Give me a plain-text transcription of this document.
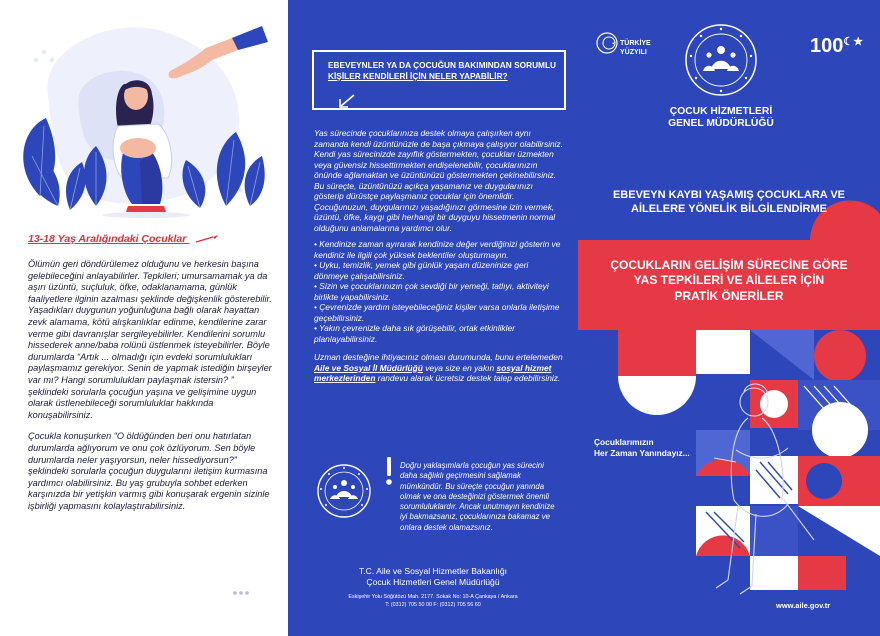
13-18 Yaş Aralığındaki Çocuklar

Ölümün geri döndürülemez olduğunu ve herkesin başına gelebileceğini anlayabilirler. Tepkileri; umursamamak ya da aşırı üzüntü, suçluluk, öfke, odaklanamama, günlük faaliyetlere ilginin azalması şeklinde değişkenlik gösterebilir. Yaşadıkları duygunun yoğunluğuna bağlı olarak hayattan zevk alamama, kötü alışkanlıklar edinme, kendilerine zarar verme gibi davranışlar sergileyebilirler. Kendilerini sorumlu hissederek anne/baba rolünü üstlenmek isteyebilirler. Böyle durumlarda “Artık ... olmadığı için evdeki sorumlulukları paylaşmamız gerekiyor. Senin de yapmak istediğin birşeyler var mı? Hangi sorumlulukları paylaşmak istersin? ” şeklindeki sorularla çocuğun yaşına ve gelişimine uygun olarak üstlenebileceği sorumluluklar hakkında konuşabilirsiniz.

Çocukla konuşurken “O öldüğünden beri onu hatırlatan durumlarda ağlıyorum ve onu çok özlüyorum. Sen böyle durumlarda neler yaşıyorsun, neler hissediyorsun?” şeklindeki sorularla çocuğun duygularını iletişim kurmasına yardımcı olabilirsiniz. Bu yaş grubuyla sohbet ederken karşınızda bir yetişkin varmış gibi konuşarak ergenin sizinle işbirliği yapmasını kolaylaştırabilirsiniz.

EBEVEYNLER YA DA ÇOCUĞUN BAKIMINDAN SORUMLU
KİŞİLER KENDİLERİ İÇİN NELER YAPABİLİR?

Yas sürecinde çocuklarınıza destek olmaya çalışırken aynı zamanda kendi üzüntünüzle de başa çıkmaya çalışıyor olabilirsiniz. Kendi yas sürecinizde zayıflık göstermekten, çocukları üzmekten veya güvensiz hissettirmekten endişelenebilir, çocuklarınızın önünde ağlamaktan ve üzüntünüzü göstermekten çekinebilirsiniz. Bu süreçte, üzüntünüzü açıkça yaşamanız ve duygularınızı gösterip dürüstçe paylaşmanız çocuklar için önemlidir. Çocuğunuzun, duygularınızı yaşadığınızı görmesine izin vermek, üzüntü, öfke, kaygı gibi herhangi bir duyguyu hissetmenin normal olduğunu anlamalarına yardımcı olur.

• Kendinize zaman ayırarak kendinize değer verdiğinizi gösterin ve kendiniz ile ilgili çok yüksek beklentiler oluşturmayın.
• Uyku, temizlik, yemek gibi günlük yaşam düzeninize geri dönmeye çalışabilirsiniz.
• Sizin ve çocuklarınızın çok sevdiği bir yemeği, tatlıyı, aktiviteyi birlikte yapabilirsiniz.
• Çevrenizde yardım isteyebileceğiniz kişiler varsa onlarla iletişime geçebilirsiniz.
• Yakın çevrenizle daha sık görüşebilir, ortak etkinlikler planlayabilirsiniz.

Uzman desteğine ihtiyacınız olması durumunda, bunu ertelemeden Aile ve Sosyal İl Müdürlüğü veya size en yakın sosyal hizmet merkezlerinden randevu alarak ücretsiz destek talep edebilirsiniz.

Doğru yaklaşımlarla çocuğun yas sürecini daha sağlıklı geçirmesini sağlamak mümkündür. Bu süreçte çocuğun yanında olmak ve ona desteğinizi göstermek önemli sorumluluklardır. Ancak unutmayın kendinize iyi bakmazsanız, çocuklarınıza bakamaz ve onlara destek olamazsınız.
T.C. Aile ve Sosyal Hizmetler Bakanlığı
Çocuk Hizmetleri Genel Müdürlüğü
Eskişehir Yolu Söğütözü Mah. 2177. Sokak No: 10-A Çankaya / Ankara
T: (0312) 705 50 00 F: (0312) 705 56 60
TÜRKİYE
YÜZYILI	100☾★
ÇOCUK HİZMETLERİ
GENEL MÜDÜRLÜĞÜ
EBEVEYN KAYBI YAŞAMIŞ ÇOCUKLARA VE
AİLELERE YÖNELİK BİLGİLENDİRME
ÇOCUKLARIN GELİŞİM SÜRECİNE GÖRE
YAS TEPKİLERİ VE AİLELER İÇİN
PRATİK ÖNERİLER
Çocuklarımızın
Her Zaman Yanındayız...
www.aile.gov.tr
